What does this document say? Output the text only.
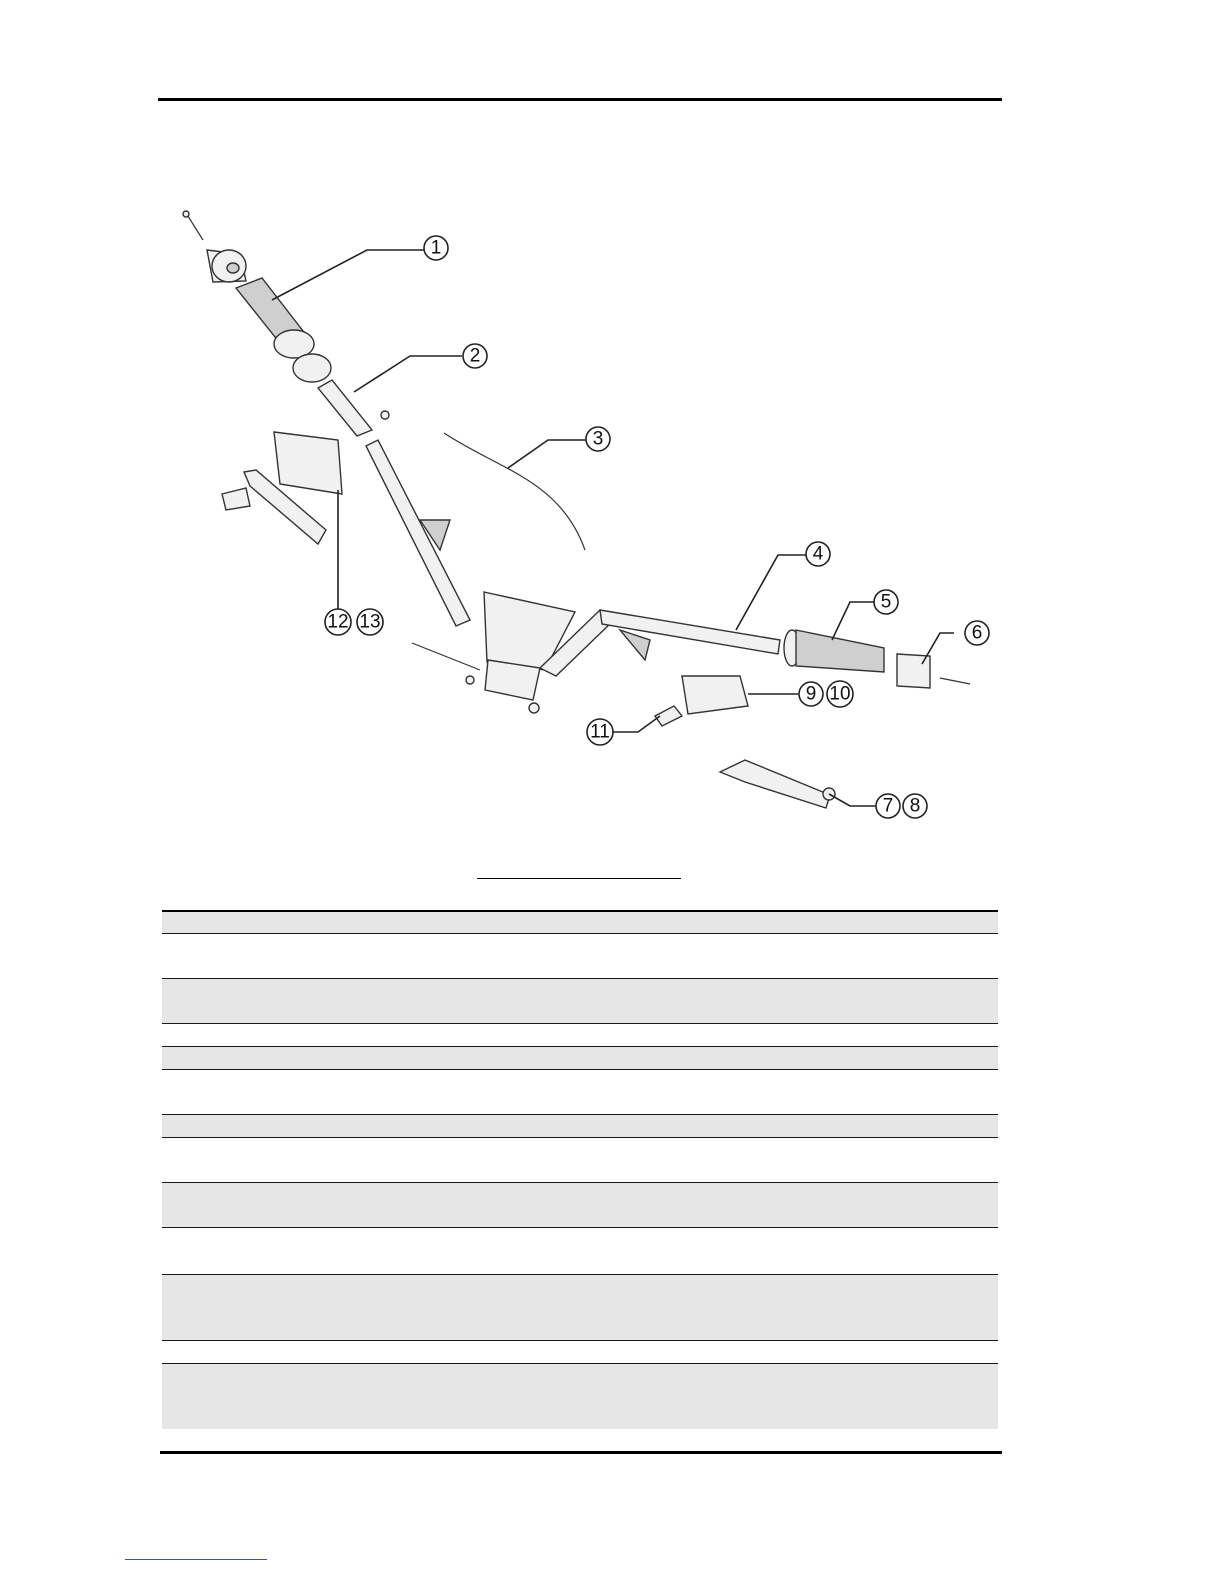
1
2
3
4
5
6
7 8
9 10
11
12 13
